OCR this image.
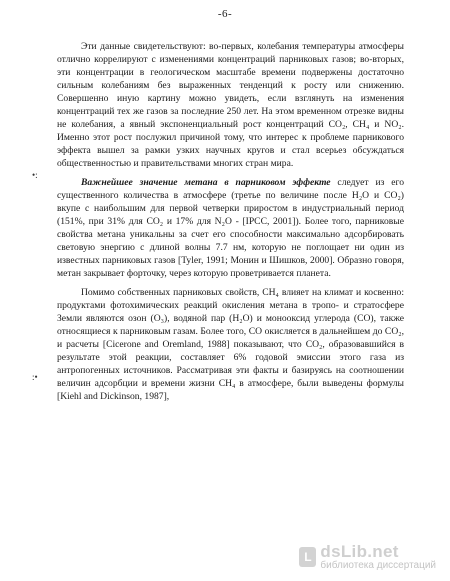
-6-
•:
:•

Эти данные свидетельствуют: во-первых, колебания температуры атмосферы отлично коррелируют с изменениями концентраций парниковых газов; во-вторых, эти концентрации в геологическом масштабе времени подвержены достаточно сильным колебаниям без выраженных тенденций к росту или снижению. Совершенно иную картину можно увидеть, если взглянуть на изменения концентраций тех же газов за последние 250 лет. На этом временном отрезке видны не колебания, а явный экспоненциальный рост концентраций CO₂, CH₄ и NO₂. Именно этот рост послужил причиной тому, что интерес к проблеме парникового эффекта вышел за рамки узких научных кругов и стал всерьез обсуждаться общественностью и правительствами многих стран мира.

Важнейшее значение метана в парниковом эффекте следует из его существенного количества в атмосфере (третье по величине после H₂O и CO₂) вкупе с наибольшим для первой четверки приростом в индустриальный период (151%, при 31% для CO₂ и 17% для N₂O - [IPCC, 2001]). Более того, парниковые свойства метана уникальны за счет его способности максимально адсорбировать световую энергию с длиной волны 7.7 нм, которую не поглощает ни один из известных парниковых газов [Tyler, 1991; Монин и Шишков, 2000]. Образно говоря, метан закрывает форточку, через которую проветривается планета.

Помимо собственных парниковых свойств, CH₄ влияет на климат и косвенно: продуктами фотохимических реакций окисления метана в тропо- и стратосфере Земли являются озон (O₃), водяной пар (H₂O) и монооксид углерода (CO), также относящиеся к парниковым газам. Более того, CO окисляется в дальнейшем до CO₂, и расчеты [Cicerone and Oremland, 1988] показывают, что CO₂, образовавшийся в результате этой реакции, составляет 6% годовой эмиссии этого газа из антропогенных источников. Рассматривая эти факты и базируясь на соотношении величин адсорбции и времени жизни CH₄ в атмосфере, были выведены формулы [Kiehl and Dickinson, 1987],

L dsLib.net
библиотека диссертаций
